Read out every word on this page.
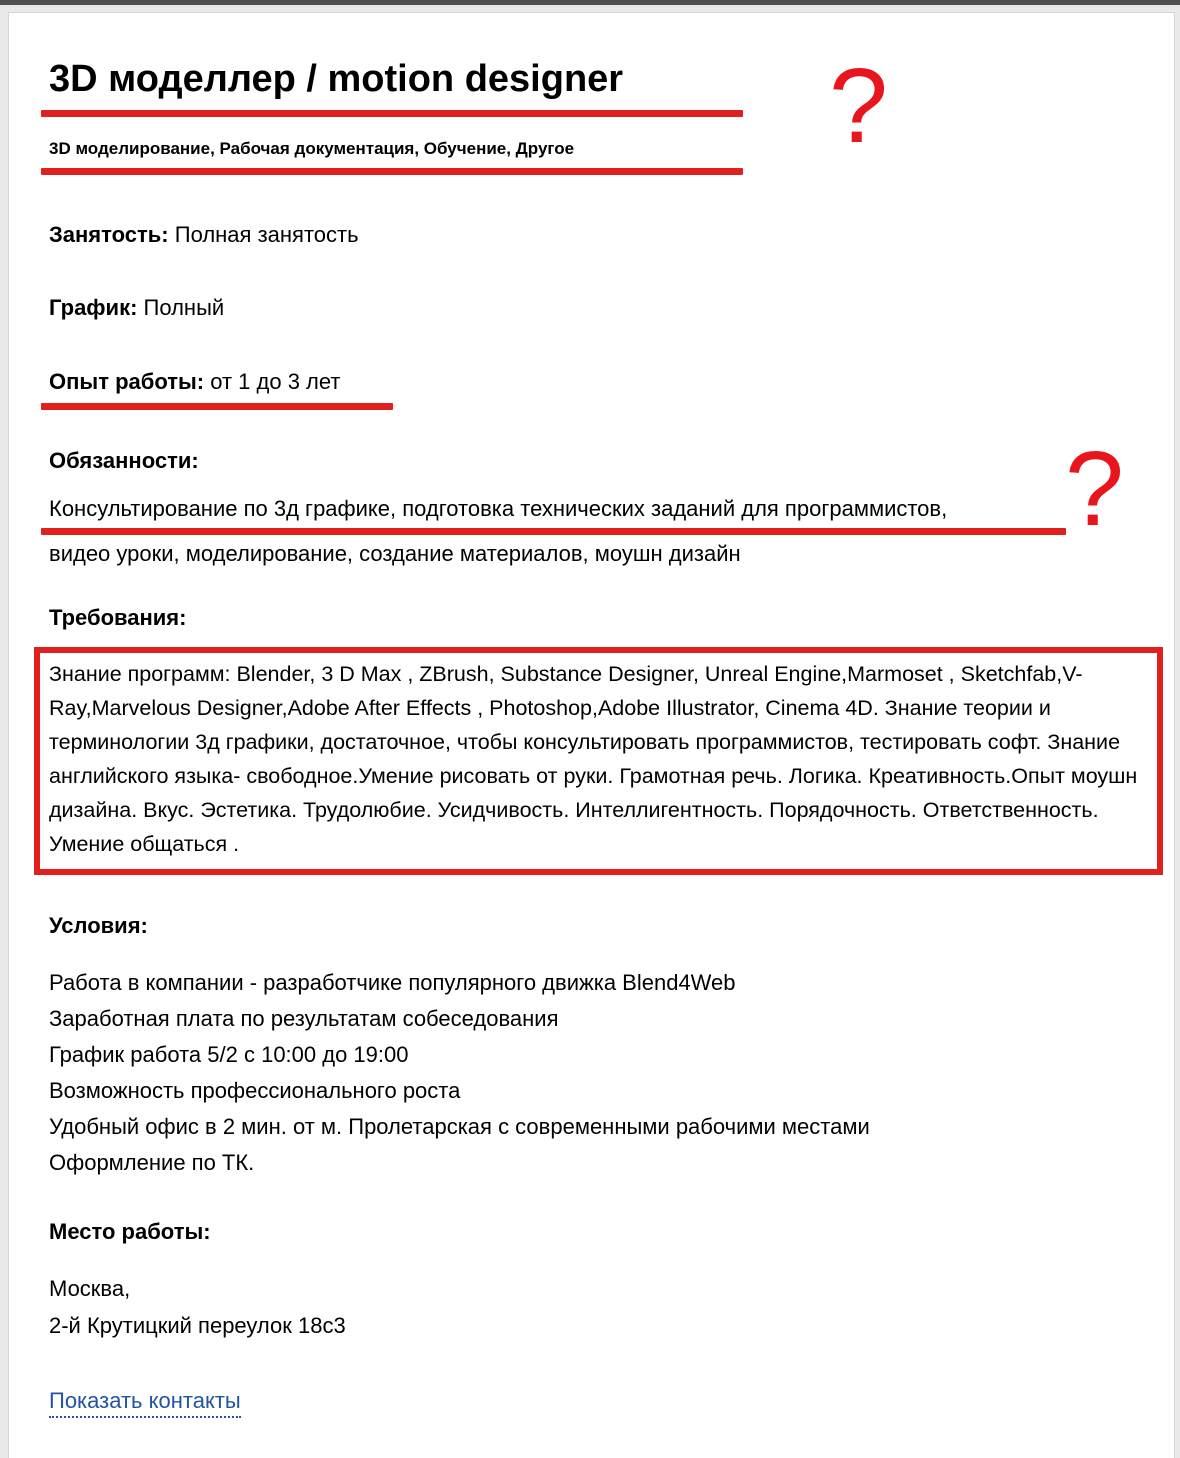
3D моделлер / motion designer
3D моделирование, Рабочая документация, Обучение, Другое	?
Занятость: Полная занятость
График: Полный
Опыт работы: от 1 до 3 лет
Обязанности:
Консультирование по 3д графике, подготовка технических заданий для программистов,
видео уроки, моделирование, создание материалов, моушн дизайн
?
Требования:
Знание программ: Blender, 3 D Max , ZBrush, Substance Designer, Unreal Engine,Marmoset , Sketchfab,V-Ray,Marvelous Designer,Adobe After Effects , Photoshop,Adobe Illustrator, Cinema 4D. Знание теории и терминологии 3д графики, достаточное, чтобы консультировать программистов, тестировать софт. Знание английского языка- свободное.Умение рисовать от руки. Грамотная речь. Логика. Креативность.Опыт моушн дизайна. Вкус. Эстетика. Трудолюбие. Усидчивость. Интеллигентность. Порядочность. Ответственность. Умение общаться .
Условия:
Работа в компании - разработчике популярного движка Blend4Web
Заработная плата по результатам собеседования
График работа 5/2 с 10:00 до 19:00
Возможность профессионального роста
Удобный офис в 2 мин. от м. Пролетарская с современными рабочими местами
Оформление по ТК.
Место работы:
Москва,
2-й Крутицкий переулок 18с3
Показать контакты
